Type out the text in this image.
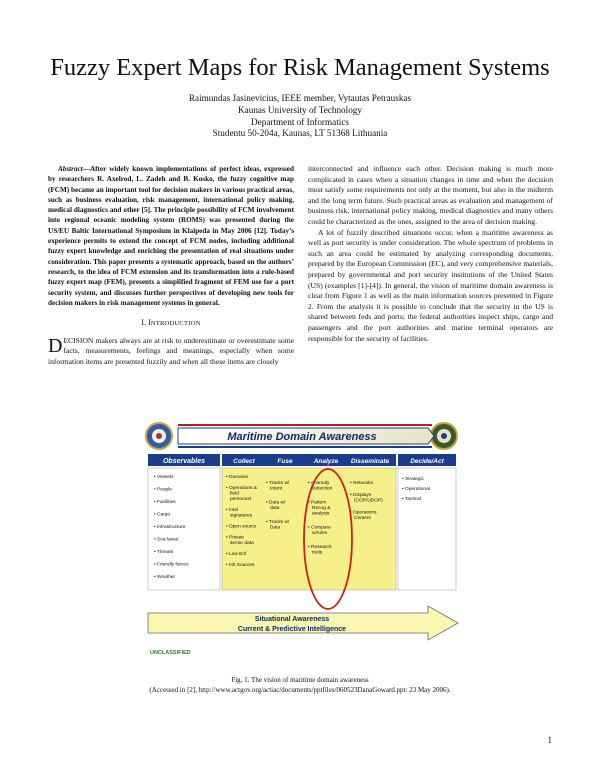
Fuzzy Expert Maps for Risk Management Systems
Raimundas Jasinevicius, IEEE member, Vytautas Petrauskas
Kaunas University of Technology
Department of Informatics
Studentu 50-204a, Kaunas, LT 51368 Lithuania

Abstract—After widely known implementations of perfect ideas, expressed by researchers R. Axelrod, L. Zadeh and B. Kosko, the fuzzy cognitive map (FCM) became an important tool for decision makers in various practical areas, such as business evaluation, risk management, international policy making, medical diagnostics and other [5]. The principle possibility of FCM involvement into regional oceanic modeling system (ROMS) was presented during the US/EU Baltic International Symposium in Klaipeda in May 2006 [12]. Today’s experience permits to extend the concept of FCM nodes, including additional fuzzy expert knowledge and enriching the presentation of real situations under consideration. This paper presents a systematic approach, based on the authors’ research, to the idea of FCM extension and its transformation into a rule-based fuzzy expert map (FEM), presents a simplified fragment of FEM use for a port security system, and discusses further perspectives of developing new tools for decision makers in risk management systems in general.

I. INTRODUCTION

DECISION makers always are at risk to underestimate or overestimate some facts, measurements, feelings and meanings, especially when some information items are presented fuzzily and when all these items are closely

interconnected and influence each other. Decision making is much more complicated in cases when a situation changes in time and when the decision must satisfy some requirements not only at the moment, but also in the midterm and the long term future. Such practical areas as evaluation and management of business risk, international policy making, medical diagnostics and many others could be characterized as the ones, assigned to the area of decision making.

A lot of fuzzily described situations occur, when a maritime awareness as well as port security is under consideration. The whole spectrum of problems in such an area could be estimated by analyzing corresponding documents, prepared by the European Commission (EC), and very comprehensive materials, prepared by governmental and port security institutions of the United States (US) (examples [1]-[4]). In general, the vision of maritime domain awareness is clear from Figure 1 as well as the main information sources presented in Figure 2. From the analysis it is possible to conclude that the security in the US is shared between feds and ports; the federal authorities inspect ships, cargo and passengers and the port authorities and marine terminal operators are responsible for the security of facilities.

Maritime Domain Awareness
Observables	Collect	Fuse	Analyze Disseminate	Decide/Act
• Vessels
• People
• Facilities
• Cargo
• Infrastructure
• Sea lanes
• Threats
• Friendly forces
• Weather
• Domains
• Operations & field personnel
• Intel signatures
• Open source
• Private sector data
• Law Enf
• Intl Sources
• Tracks w/ Intent
• Data w/ data
• Tracks w/ Data
• Anomaly Detection
• Pattern Recog & analysis
• Compare w/rules
• Research tools
• Networks
• Displays (COP/UDOP)
• Operations Centers
• Strategic
• Operational
• Tactical
Situational Awareness
Current & Predictive Intelligence
UNCLASSIFIED
Fig. 1. The vision of maritime domain awareness
(Accessed in [2], http://www.actgov.org/actiac/documents/pptfiles/060523DanaGoward.ppt: 23 May 2006).
1
